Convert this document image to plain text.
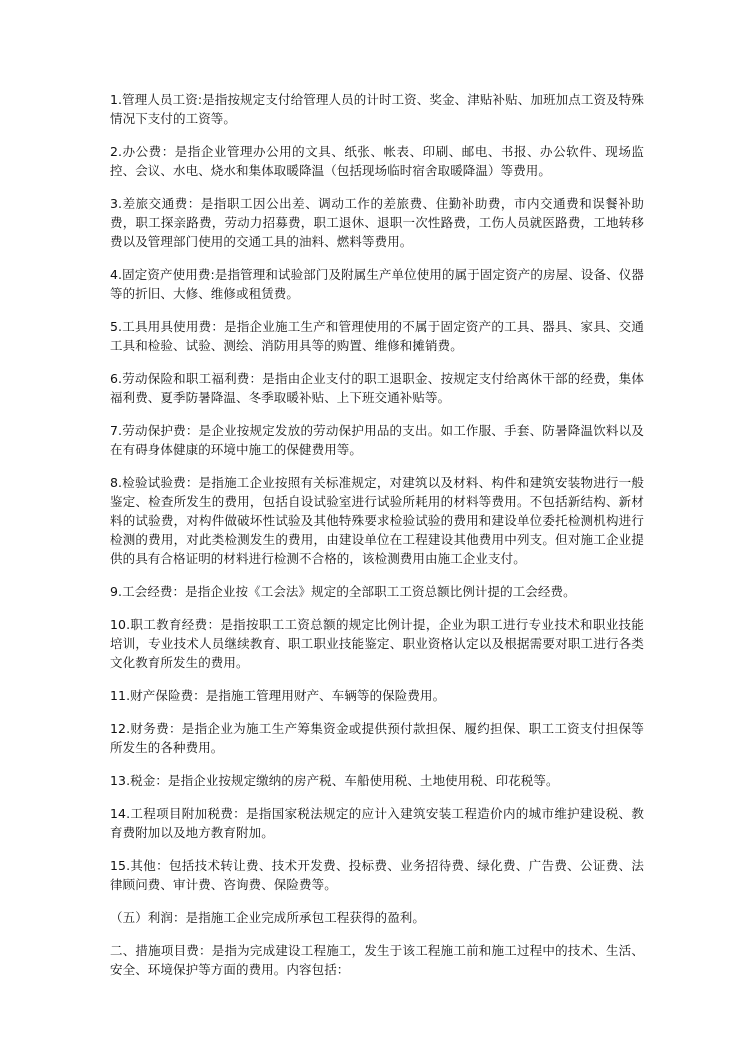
1.管理人员工资:是指按规定支付给管理人员的计时工资、奖金、津贴补贴、加班加点工资及特殊情况下支付的工资等。

2.办公费：是指企业管理办公用的文具、纸张、帐表、印刷、邮电、书报、办公软件、现场监控、会议、水电、烧水和集体取暖降温（包括现场临时宿舍取暖降温）等费用。

3.差旅交通费：是指职工因公出差、调动工作的差旅费、住勤补助费，市内交通费和误餐补助费，职工探亲路费，劳动力招募费，职工退休、退职一次性路费，工伤人员就医路费，工地转移费以及管理部门使用的交通工具的油料、燃料等费用。

4.固定资产使用费:是指管理和试验部门及附属生产单位使用的属于固定资产的房屋、设备、仪器等的折旧、大修、维修或租赁费。

5.工具用具使用费：是指企业施工生产和管理使用的不属于固定资产的工具、器具、家具、交通工具和检验、试验、测绘、消防用具等的购置、维修和摊销费。

6.劳动保险和职工福利费：是指由企业支付的职工退职金、按规定支付给离休干部的经费，集体福利费、夏季防暑降温、冬季取暖补贴、上下班交通补贴等。

7.劳动保护费：是企业按规定发放的劳动保护用品的支出。如工作服、手套、防暑降温饮料以及在有碍身体健康的环境中施工的保健费用等。

8.检验试验费：是指施工企业按照有关标准规定，对建筑以及材料、构件和建筑安装物进行一般鉴定、检查所发生的费用，包括自设试验室进行试验所耗用的材料等费用。不包括新结构、新材料的试验费，对构件做破坏性试验及其他特殊要求检验试验的费用和建设单位委托检测机构进行检测的费用，对此类检测发生的费用，由建设单位在工程建设其他费用中列支。但对施工企业提供的具有合格证明的材料进行检测不合格的，该检测费用由施工企业支付。

9.工会经费：是指企业按《工会法》规定的全部职工工资总额比例计提的工会经费。

10.职工教育经费：是指按职工工资总额的规定比例计提，企业为职工进行专业技术和职业技能培训，专业技术人员继续教育、职工职业技能鉴定、职业资格认定以及根据需要对职工进行各类文化教育所发生的费用。

11.财产保险费：是指施工管理用财产、车辆等的保险费用。

12.财务费：是指企业为施工生产筹集资金或提供预付款担保、履约担保、职工工资支付担保等所发生的各种费用。

13.税金：是指企业按规定缴纳的房产税、车船使用税、土地使用税、印花税等。

14.工程项目附加税费：是指国家税法规定的应计入建筑安装工程造价内的城市维护建设税、教育费附加以及地方教育附加。

15.其他：包括技术转让费、技术开发费、投标费、业务招待费、绿化费、广告费、公证费、法律顾问费、审计费、咨询费、保险费等。

（五）利润：是指施工企业完成所承包工程获得的盈利。

二、措施项目费：是指为完成建设工程施工，发生于该工程施工前和施工过程中的技术、生活、安全、环境保护等方面的费用。内容包括：
